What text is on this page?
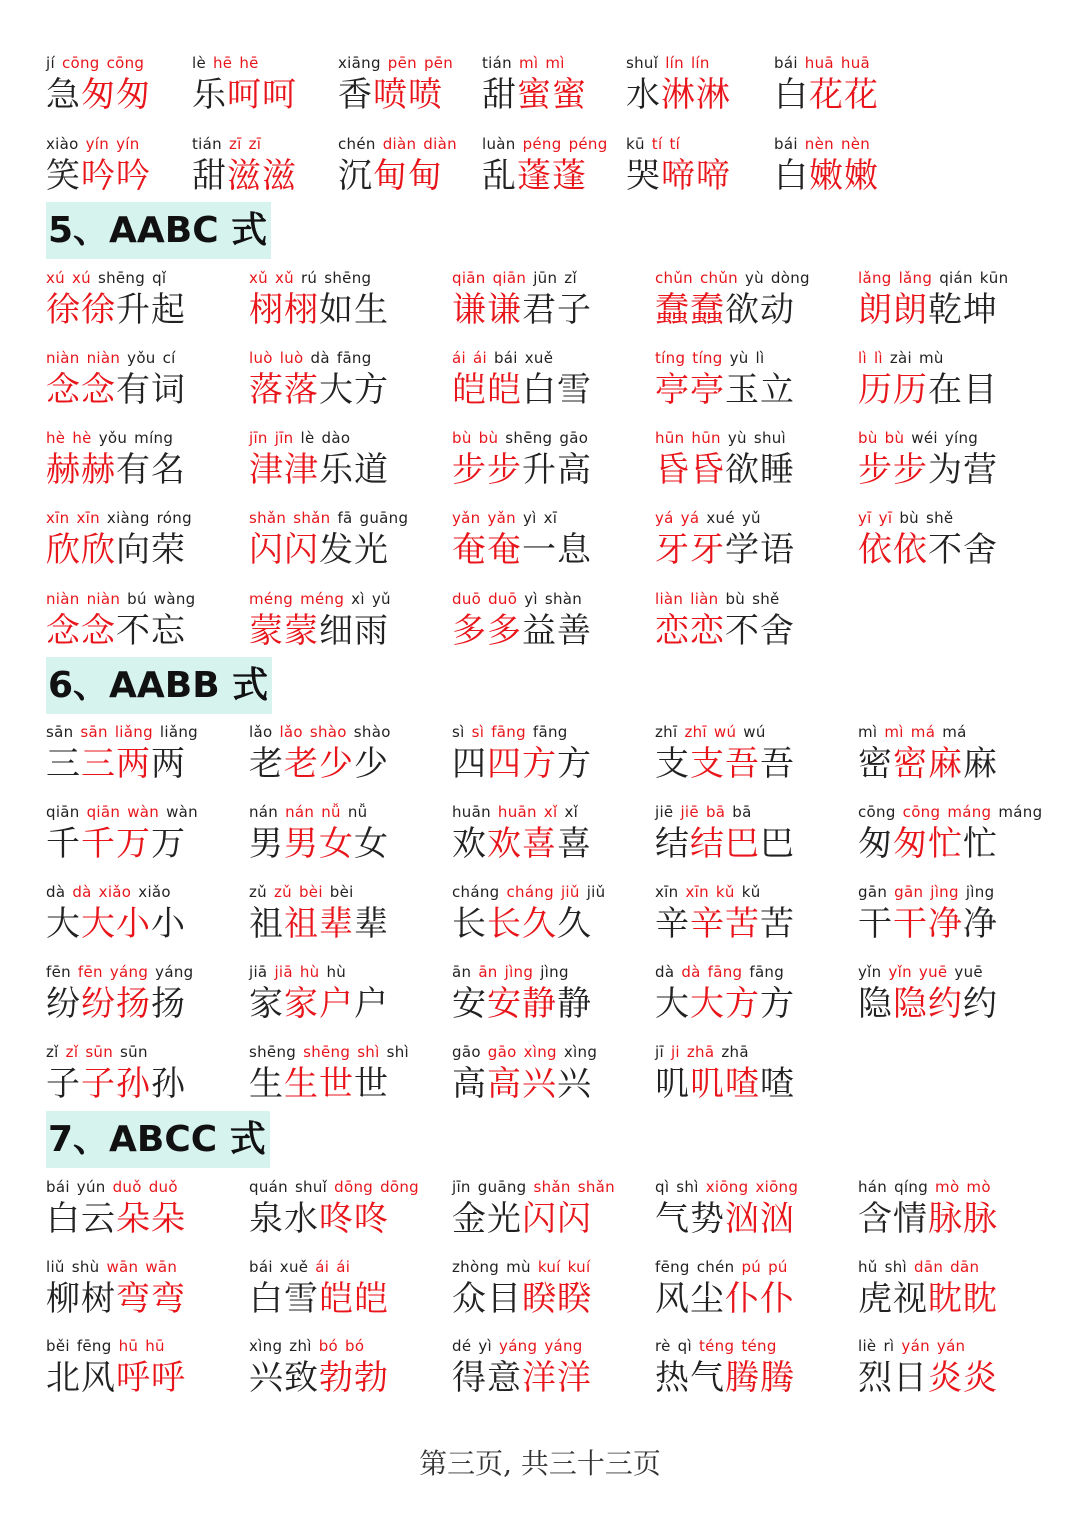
jí cōng cōng
急匆匆
lè hē hē
乐呵呵
xiāng pēn pēn
香喷喷
tián mì mì
甜蜜蜜
shuǐ lín lín
水淋淋
bái huā huā
白花花
xiào yín yín
笑吟吟
tián zī zī
甜滋滋
chén diàn diàn
沉甸甸
luàn péng péng
乱蓬蓬
kū tí tí
哭啼啼
bái nèn nèn
白嫩嫩
5、AABC 式
xú xú shēng qǐ
徐徐升起
xǔ xǔ rú shēng
栩栩如生
qiān qiān jūn zǐ
谦谦君子
chǔn chǔn yù dòng
蠢蠢欲动
lǎng lǎng qián kūn
朗朗乾坤
niàn niàn yǒu cí
念念有词
luò luò dà fāng
落落大方
ái ái bái xuě
皑皑白雪
tíng tíng yù lì
亭亭玉立
lì lì zài mù
历历在目
hè hè yǒu míng
赫赫有名
jīn jīn lè dào
津津乐道
bù bù shēng gāo
步步升高
hūn hūn yù shuì
昏昏欲睡
bù bù wéi yíng
步步为营
xīn xīn xiàng róng
欣欣向荣
shǎn shǎn fā guāng
闪闪发光
yǎn yǎn yì xī
奄奄一息
yá yá xué yǔ
牙牙学语
yī yī bù shě
依依不舍
niàn niàn bú wàng
念念不忘
méng méng xì yǔ
蒙蒙细雨
duō duō yì shàn
多多益善
liàn liàn bù shě
恋恋不舍
6、AABB 式
sān sān liǎng liǎng
三三两两
lǎo lǎo shào shào
老老少少
sì sì fāng fāng
四四方方
zhī zhī wú wú
支支吾吾
mì mì má má
密密麻麻
qiān qiān wàn wàn
千千万万
nán nán nǚ nǚ
男男女女
huān huān xǐ xǐ
欢欢喜喜
jiē jiē bā bā
结结巴巴
cōng cōng máng máng
匆匆忙忙
dà dà xiǎo xiǎo
大大小小
zǔ zǔ bèi bèi
祖祖辈辈
cháng cháng jiǔ jiǔ
长长久久
xīn xīn kǔ kǔ
辛辛苦苦
gān gān jìng jìng
干干净净
fēn fēn yáng yáng
纷纷扬扬
jiā jiā hù hù
家家户户
ān ān jìng jìng
安安静静
dà dà fāng fāng
大大方方
yǐn yǐn yuē yuē
隐隐约约
zǐ zǐ sūn sūn
子子孙孙
shēng shēng shì shì
生生世世
gāo gāo xìng xìng
高高兴兴
jī ji zhā zhā
叽叽喳喳
7、ABCC 式
bái yún duǒ duǒ
白云朵朵
quán shuǐ dōng dōng
泉水咚咚
jīn guāng shǎn shǎn
金光闪闪
qì shì xiōng xiōng
气势汹汹
hán qíng mò mò
含情脉脉
liǔ shù wān wān
柳树弯弯
bái xuě ái ái
白雪皑皑
zhòng mù kuí kuí
众目睽睽
fēng chén pú pú
风尘仆仆
hǔ shì dān dān
虎视眈眈
běi fēng hū hū
北风呼呼
xìng zhì bó bó
兴致勃勃
dé yì yáng yáng
得意洋洋
rè qì téng téng
热气腾腾
liè rì yán yán
烈日炎炎
第三页, 共三十三页
